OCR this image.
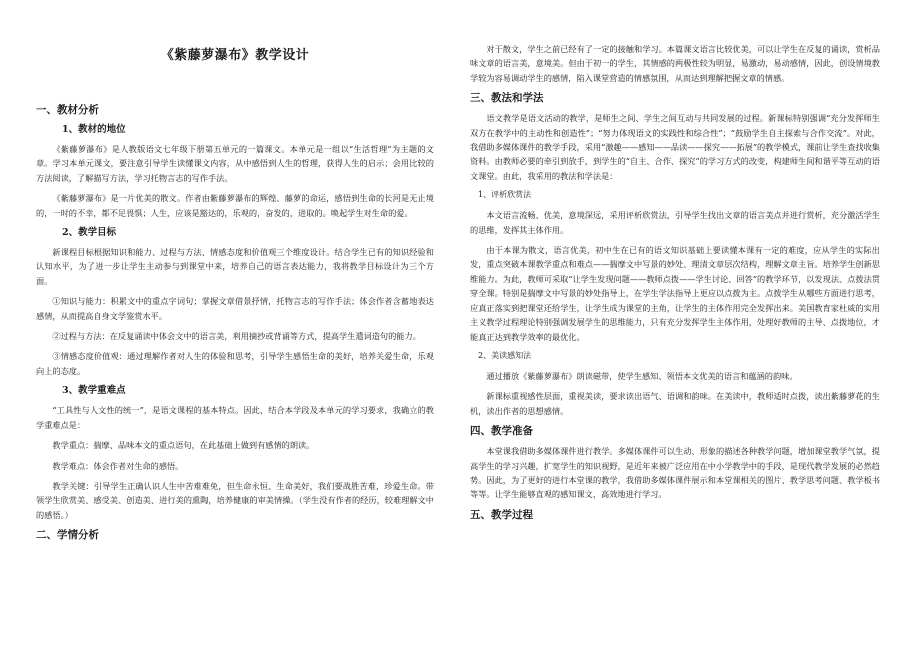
《紫藤萝瀑布》教学设计
一、教材分析
1、教材的地位

《紫藤萝瀑布》是人教版语文七年级下册第五单元的一篇课文。本单元是一组以“生活哲理”为主题的文章。学习本单元课文，要注意引导学生读懂课文内容，从中感悟到人生的哲理，获得人生的启示；会用比较的方法阅读，了解描写方法，学习托物言志的写作手法。

《紫藤萝瀑布》是一片优美的散文。作者由紫藤萝瀑布的辉煌、藤萝的命运，感悟到生命的长河是无止境的，一时的不幸，都不足畏惧；人生，应该是豁达的，乐观的，奋发的，进取的。唤起学生对生命的爱。

2、教学目标

新课程目标根据知识和能力、过程与方法、情感态度和价值观三个维度设计。结合学生已有的知识经验和认知水平，为了进一步让学生主动参与到课堂中来，培养自己的语言表达能力，我将教学目标设计为三个方面。

①知识与能力：积累文中的重点字词句；掌握文章借景抒情，托物言志的写作手法；体会作者含蓄地表达感情，从而提高自身文学鉴赏水平。

②过程与方法：在反复诵读中体会文中的语言美，利用摘抄或背诵等方式，提高学生遣词造句的能力。

③情感态度价值观：通过理解作者对人生的体验和思考，引导学生感悟生命的美好，培养关爱生命，乐观向上的态度。

3、教学重难点

“工具性与人文性的统一”，是语文课程的基本特点。因此，结合本学段及本单元的学习要求，我确立的教学重难点是：

教学重点：揣摩、品味本文的重点语句，在此基础上做到有感情的朗读。

教学难点：体会作者对生命的感悟。

教学关键：引导学生正确认识人生中苦难难免，但生命永恒、生命美好，我们要战胜苦难，珍爱生命。带领学生欣赏美、感受美、创造美、进行美的熏陶，培养健康的审美情操。（学生没有作者的经历，较难理解文中的感悟。）

二、学情分析

对于散文，学生之前已经有了一定的接触和学习。本篇课文语言比较优美，可以让学生在反复的诵读，赏析品味文章的语言美，意境美。但由于初一的学生，其情感的两极性较为明显，易激动，易动感情，因此，创设情境教学较为容易调动学生的感情，陷入课堂营造的情感氛围，从而达到理解把握文章的情感。

三、教法和学法

语文教学是语文活动的教学，是师生之间、学生之间互动与共同发展的过程。新课标特别强调“充分发挥师生双方在教学中的主动性和创造性”；“努力体现语文的实践性和综合性”；“鼓励学生自主探索与合作交流”。对此，我借助多媒体课件的教学手段，采用“激趣——感知——品读——探究——拓展”的教学模式，课前让学生查找收集资料。由教师必要的牵引到放手，到学生的“自主、合作、探究”的学习方式的改变，构建师生间和谐平等互动的语文课堂。由此，我采用的教法和学法是：

1、评析欣赏法

本文语言流畅、优美，意境深远，采用评析欣赏法，引导学生找出文章的语言美点并进行赏析，充分激活学生的思维，发挥其主体作用。

由于本课为散文，语言优美，初中生在已有的语文知识基础上要读懂本课有一定的难度，应从学生的实际出发，重点突破本课教学重点和难点——揣摩文中写景的妙处、理清文章层次结构，理解文章主旨。培养学生创新思维能力。为此，教师可采取“让学生发现问题——教师点拨——学生讨论、回答”的教学环节，以发现法、点拨法贯穿全课。特别是揣摩文中写景的妙处指导上，在学生学法指导上更应以点拨为主。点拨学生从哪些方面进行思考，应真正落实到把课堂还给学生，让学生成为课堂的主角，让学生的主体作用完全发挥出来。美国教育家杜威的实用主义教学过程理论特别强调发展学生的思维能力，只有充分发挥学生主体作用，处理好教师的主导、点拨地位，才能真正达到教学效率的最优化。

2、美读感知法

通过播放《紫藤萝瀑布》朗读磁带，使学生感知、领悟本文优美的语言和蕴涵的韵味。

新课标重视感性层面，重视美读，要求读出语气、语调和韵味。在美读中，教师适时点拨，读出紫藤萝花的生机，读出作者的思想感情。

四、教学准备

本堂课我借助多媒体课件进行教学。多媒体课件可以生动、形象的描述各种教学问题，增加课堂教学气氛，提高学生的学习兴趣，扩宽学生的知识视野，是近年来被广泛应用在中小学教学中的手段，是现代教学发展的必然趋势。因此，为了更好的进行本堂课的教学，我借助多媒体课件展示和本堂课相关的图片、教学思考问题、教学板书等等。让学生能够直观的感知课文，高效地进行学习。

五、教学过程
